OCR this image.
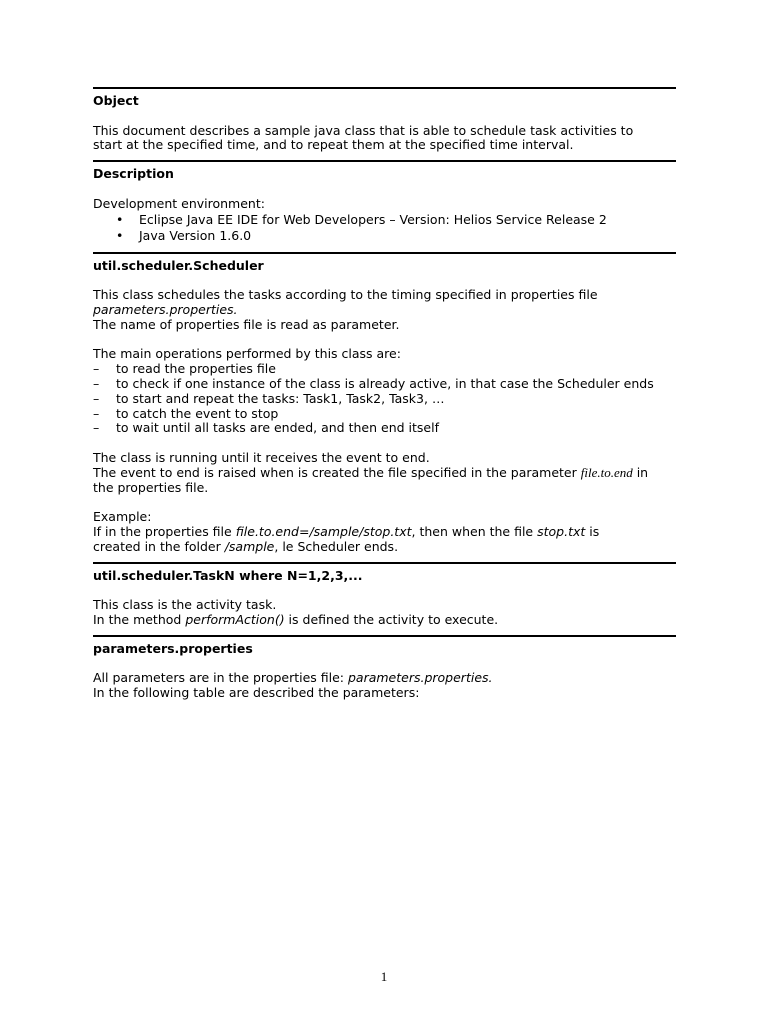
Object

This document describes a sample java class that is able to schedule task activities to

start at the specified time, and to repeat them at the specified time interval.

Description

Development environment:

• Eclipse Java EE IDE for Web Developers – Version: Helios Service Release 2
• Java Version 1.6.0
util.scheduler.Scheduler

This class schedules the tasks according to the timing specified in properties file

parameters.properties.

The name of properties file is read as parameter.

The main operations performed by this class are:

– to read the properties file
– to check if one instance of the class is already active, in that case the Scheduler ends
– to start and repeat the tasks: Task1, Task2, Task3, …
– to catch the event to stop
– to wait until all tasks are ended, and then end itself

The class is running until it receives the event to end.

The event to end is raised when is created the file specified in the parameter file.to.end in

the properties file.

Example:

If in the properties file file.to.end=/sample/stop.txt, then when the file stop.txt is

created in the folder /sample, le Scheduler ends.

util.scheduler.TaskN where N=1,2,3,...

This class is the activity task.

In the method performAction() is defined the activity to execute.

parameters.properties

All parameters are in the properties file: parameters.properties.

In the following table are described the parameters:

1
